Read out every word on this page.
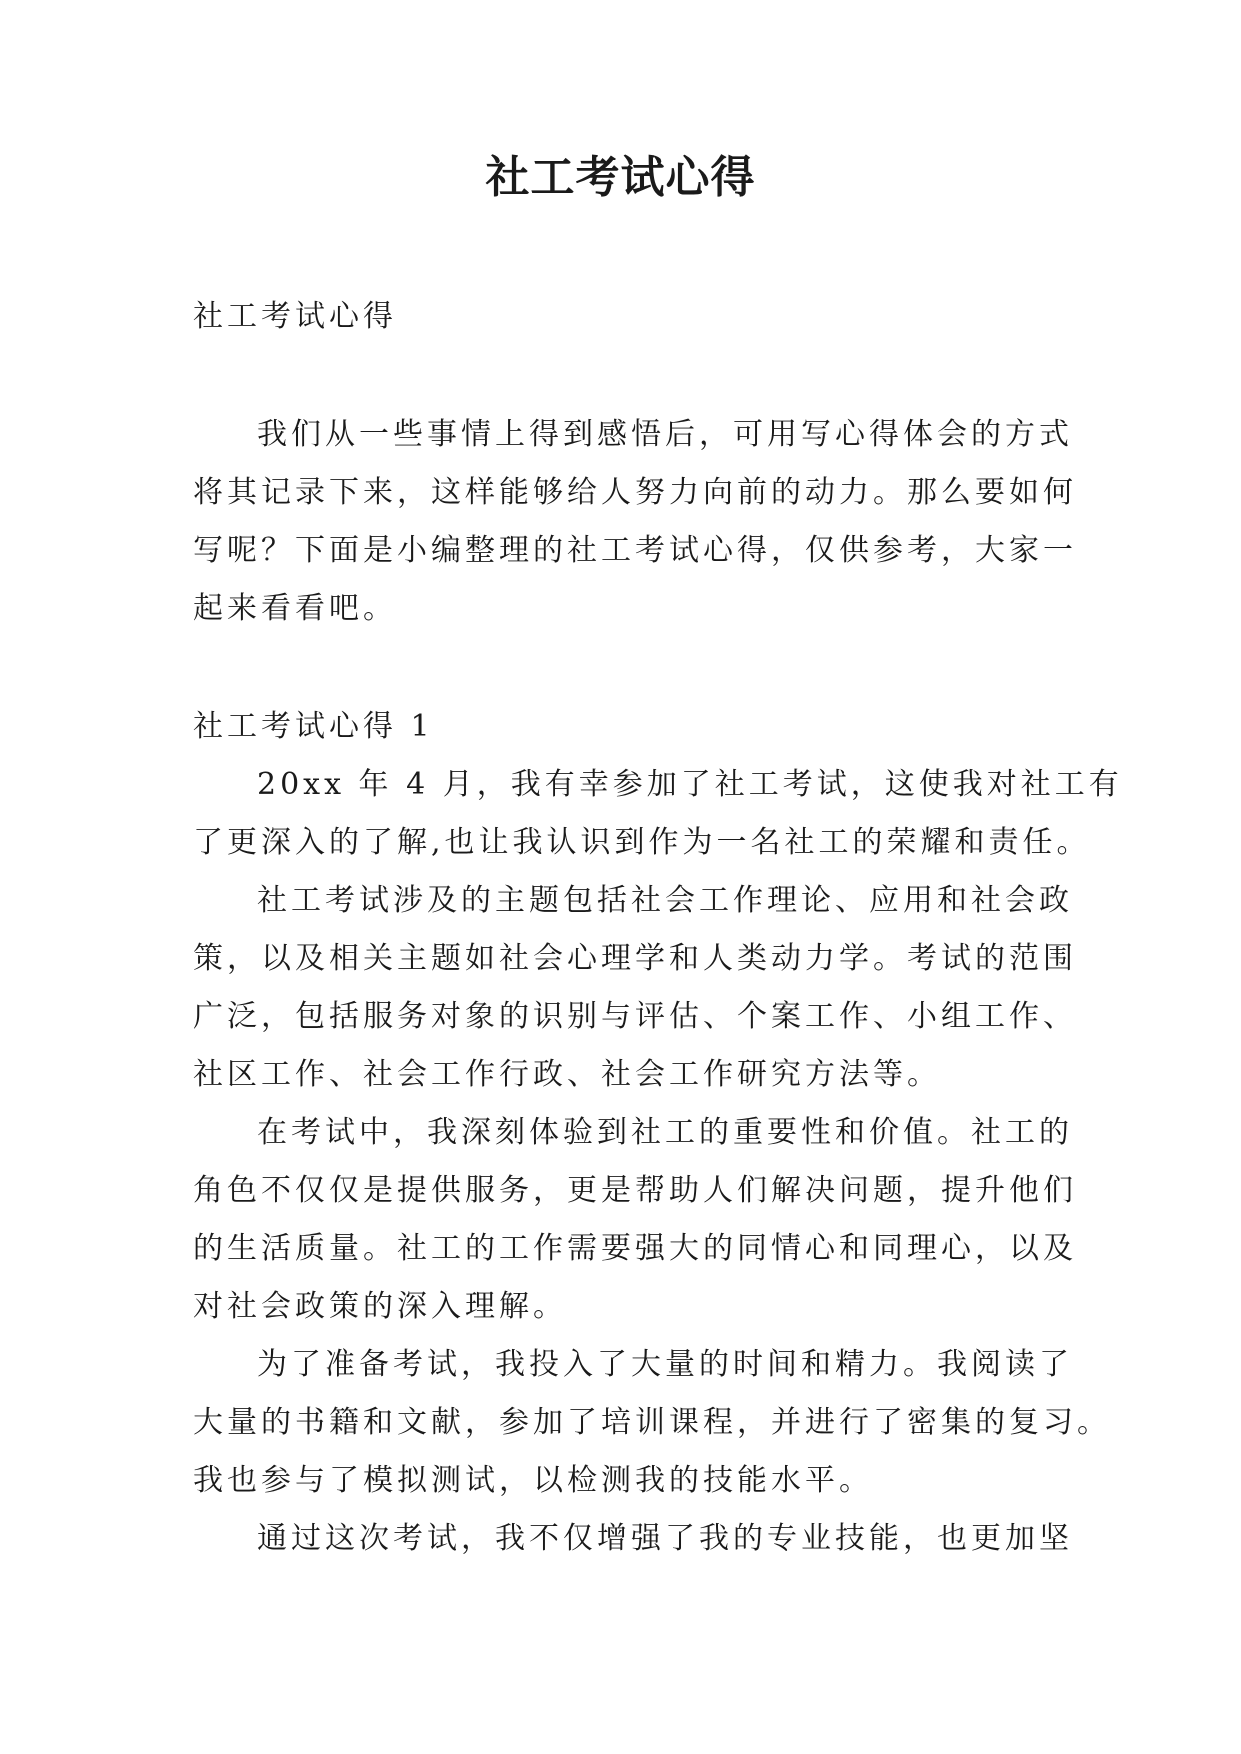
社工考试心得

社工考试心得

我们从一些事情上得到感悟后，可用写心得体会的方式

将其记录下来，这样能够给人努力向前的动力。那么要如何

写呢？下面是小编整理的社工考试心得，仅供参考，大家一

起来看看吧。

社工考试心得 1

20xx 年 4 月，我有幸参加了社工考试，这使我对社工有

了更深入的了解,也让我认识到作为一名社工的荣耀和责任。

社工考试涉及的主题包括社会工作理论、应用和社会政

策，以及相关主题如社会心理学和人类动力学。考试的范围

广泛，包括服务对象的识别与评估、个案工作、小组工作、

社区工作、社会工作行政、社会工作研究方法等。

在考试中，我深刻体验到社工的重要性和价值。社工的

角色不仅仅是提供服务，更是帮助人们解决问题，提升他们

的生活质量。社工的工作需要强大的同情心和同理心，以及

对社会政策的深入理解。

为了准备考试，我投入了大量的时间和精力。我阅读了

大量的书籍和文献，参加了培训课程，并进行了密集的复习。

我也参与了模拟测试，以检测我的技能水平。

通过这次考试，我不仅增强了我的专业技能，也更加坚
